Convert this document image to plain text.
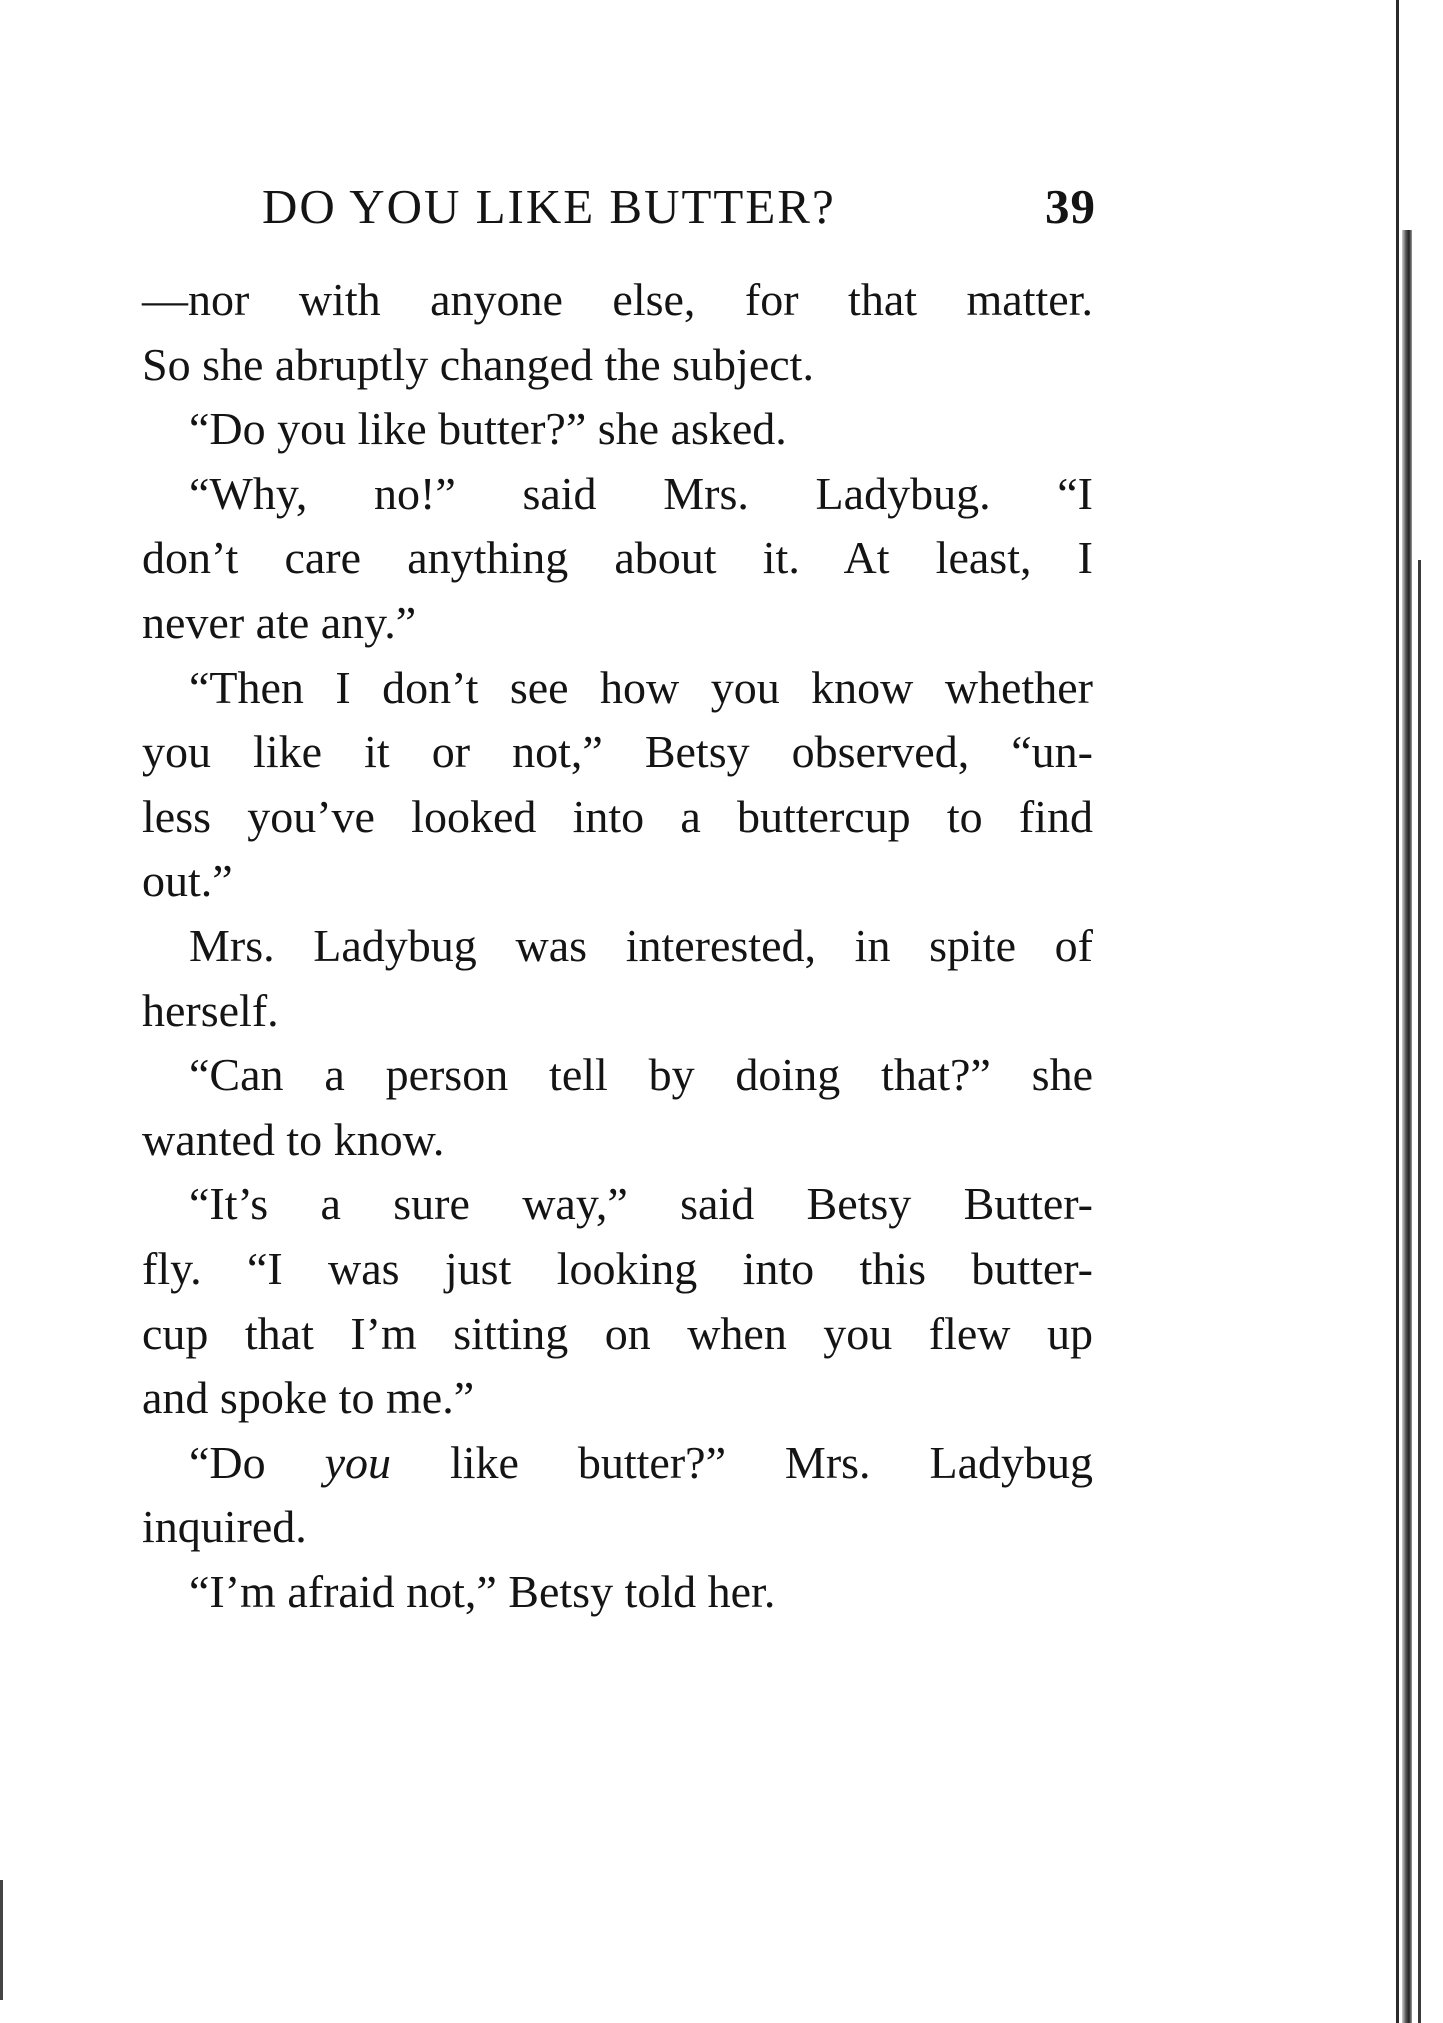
DO YOU LIKE BUTTER?	39
—nor with anyone else, for that matter.
So she abruptly changed the subject.
“Do you like butter?” she asked.
“Why, no!” said Mrs. Ladybug. “I
don’t care anything about it. At least, I
never ate any.”
“Then I don’t see how you know whether
you like it or not,” Betsy observed, “un-
less you’ve looked into a buttercup to find
out.”
Mrs. Ladybug was interested, in spite of
herself.
“Can a person tell by doing that?” she
wanted to know.
“It’s a sure way,” said Betsy Butter-
fly. “I was just looking into this butter-
cup that I’m sitting on when you flew up
and spoke to me.”
“Do you like butter?” Mrs. Ladybug
inquired.
“I’m afraid not,” Betsy told her.
